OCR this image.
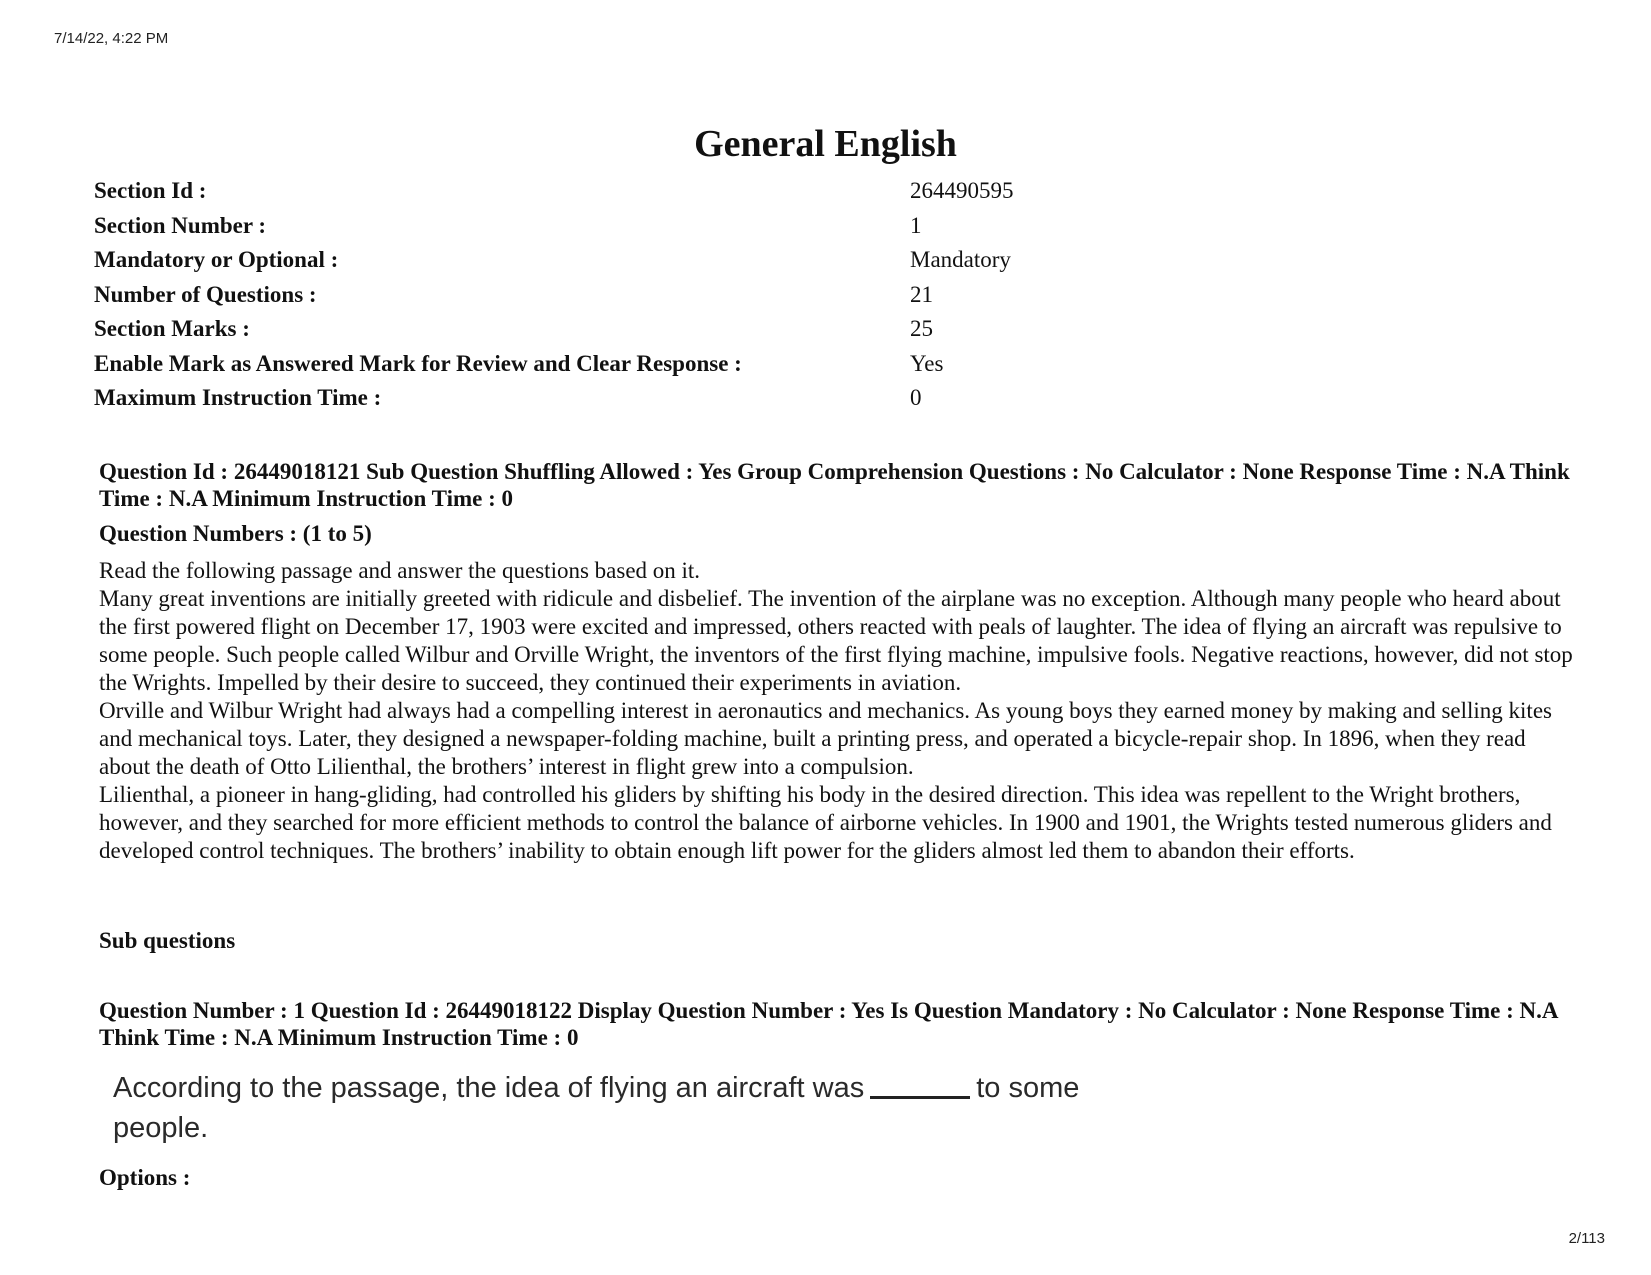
7/14/22, 4:22 PM
General English
Section Id :	264490595
Section Number :	1
Mandatory or Optional :	Mandatory
Number of Questions :	21
Section Marks :	25
Enable Mark as Answered Mark for Review and Clear Response :	Yes
Maximum Instruction Time :	0
Question Id : 26449018121 Sub Question Shuffling Allowed : Yes Group Comprehension Questions : No Calculator : None Response Time : N.A Think Time : N.A Minimum Instruction Time : 0
Question Numbers : (1 to 5)

Read the following passage and answer the questions based on it.

Many great inventions are initially greeted with ridicule and disbelief. The invention of the airplane was no exception. Although many people who heard about the first powered flight on December 17, 1903 were excited and impressed, others reacted with peals of laughter. The idea of flying an aircraft was repulsive to some people. Such people called Wilbur and Orville Wright, the inventors of the first flying machine, impulsive fools. Negative reactions, however, did not stop the Wrights. Impelled by their desire to succeed, they continued their experiments in aviation.

Orville and Wilbur Wright had always had a compelling interest in aeronautics and mechanics. As young boys they earned money by making and selling kites and mechanical toys. Later, they designed a newspaper-folding machine, built a printing press, and operated a bicycle-repair shop. In 1896, when they read about the death of Otto Lilienthal, the brothers’ interest in flight grew into a compulsion.

Lilienthal, a pioneer in hang-gliding, had controlled his gliders by shifting his body in the desired direction. This idea was repellent to the Wright brothers, however, and they searched for more efficient methods to control the balance of airborne vehicles. In 1900 and 1901, the Wrights tested numerous gliders and developed control techniques. The brothers’ inability to obtain enough lift power for the gliders almost led them to abandon their efforts.

Sub questions
Question Number : 1 Question Id : 26449018122 Display Question Number : Yes Is Question Mandatory : No Calculator : None Response Time : N.A Think Time : N.A Minimum Instruction Time : 0
According to the passage, the idea of flying an aircraft was	to some
people.
Options :
2/113
